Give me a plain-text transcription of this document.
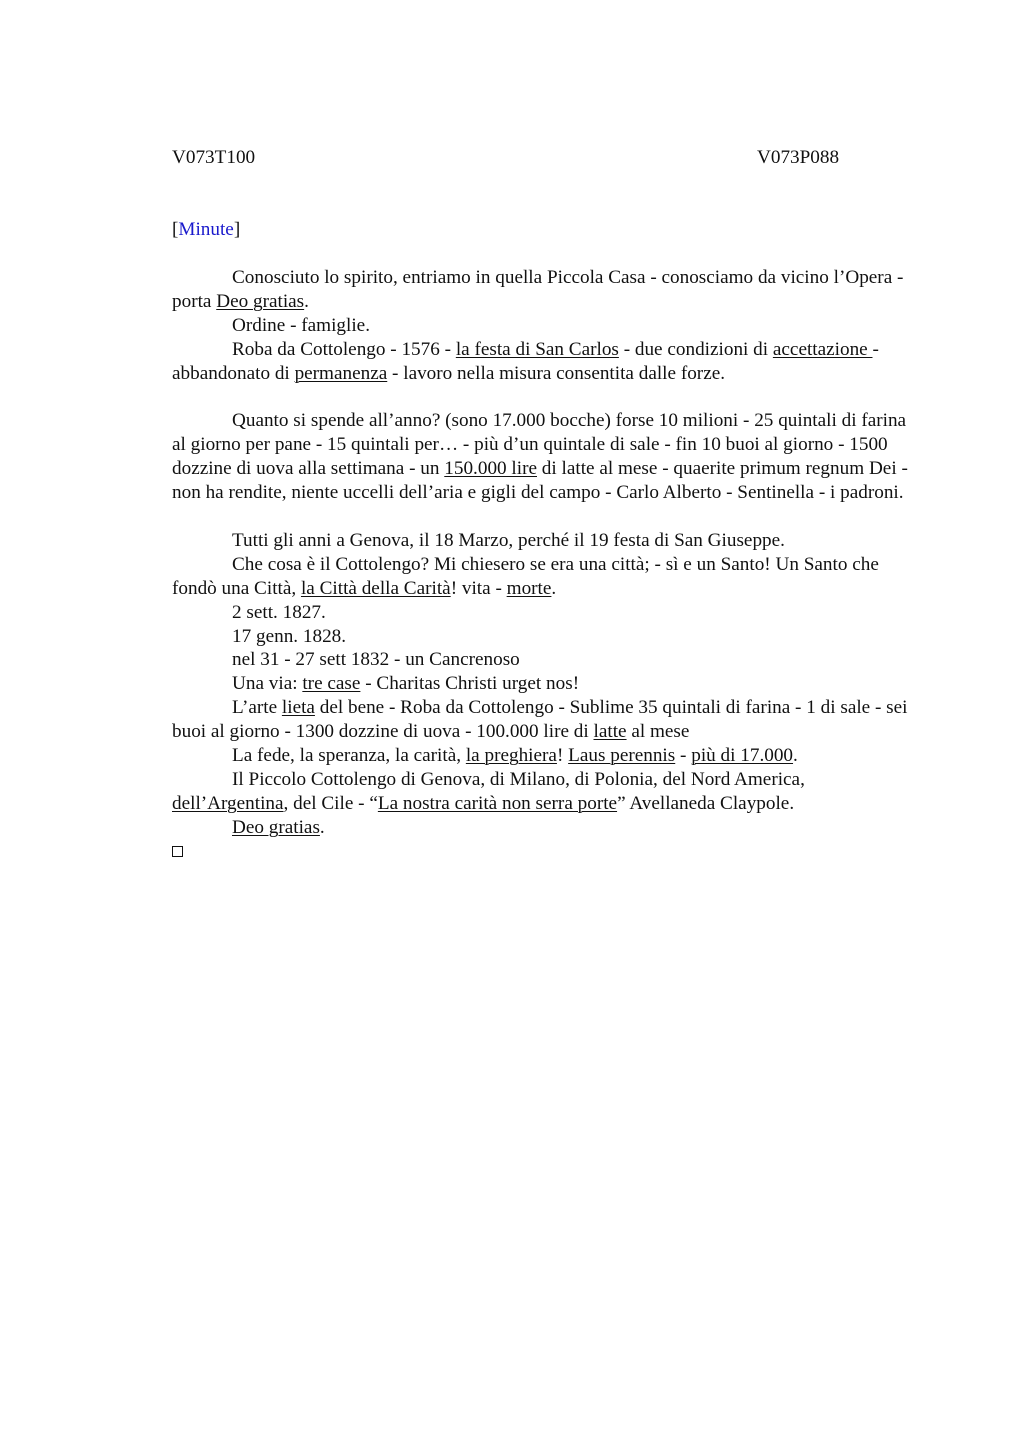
V073T100	V073P088
[Minute]

Conosciuto lo spirito, entriamo in quella Piccola Casa - conosciamo da vicino l’Opera - porta Deo gratias.

Ordine - famiglie.

Roba da Cottolengo - 1576 - la festa di San Carlos - due condizioni di accettazione - abbandonato di permanenza - lavoro nella misura consentita dalle forze.

Quanto si spende all’anno? (sono 17.000 bocche) forse 10 milioni - 25 quintali di farina al giorno per pane - 15 quintali per… - più d’un quintale di sale - fin 10 buoi al giorno - 1500 dozzine di uova alla settimana - un 150.000 lire di latte al mese - quaerite primum regnum Dei - non ha rendite, niente uccelli dell’aria e gigli del campo - Carlo Alberto - Sentinella - i padroni.

Tutti gli anni a Genova, il 18 Marzo, perché il 19 festa di San Giuseppe.

Che cosa è il Cottolengo? Mi chiesero se era una città; - sì e un Santo! Un Santo che fondò una Città, la Città della Carità! vita - morte.

2 sett. 1827.

17 genn. 1828.

nel 31 - 27 sett 1832 - un Cancrenoso

Una via: tre case - Charitas Christi urget nos!

L’arte lieta del bene - Roba da Cottolengo - Sublime 35 quintali di farina - 1 di sale - sei buoi al giorno - 1300 dozzine di uova - 100.000 lire di latte al mese

La fede, la speranza, la carità, la preghiera! Laus perennis - più di 17.000.

Il Piccolo Cottolengo di Genova, di Milano, di Polonia, del Nord America, dell’Argentina, del Cile - “La nostra carità non serra porte” Avellaneda Claypole.

Deo gratias.
